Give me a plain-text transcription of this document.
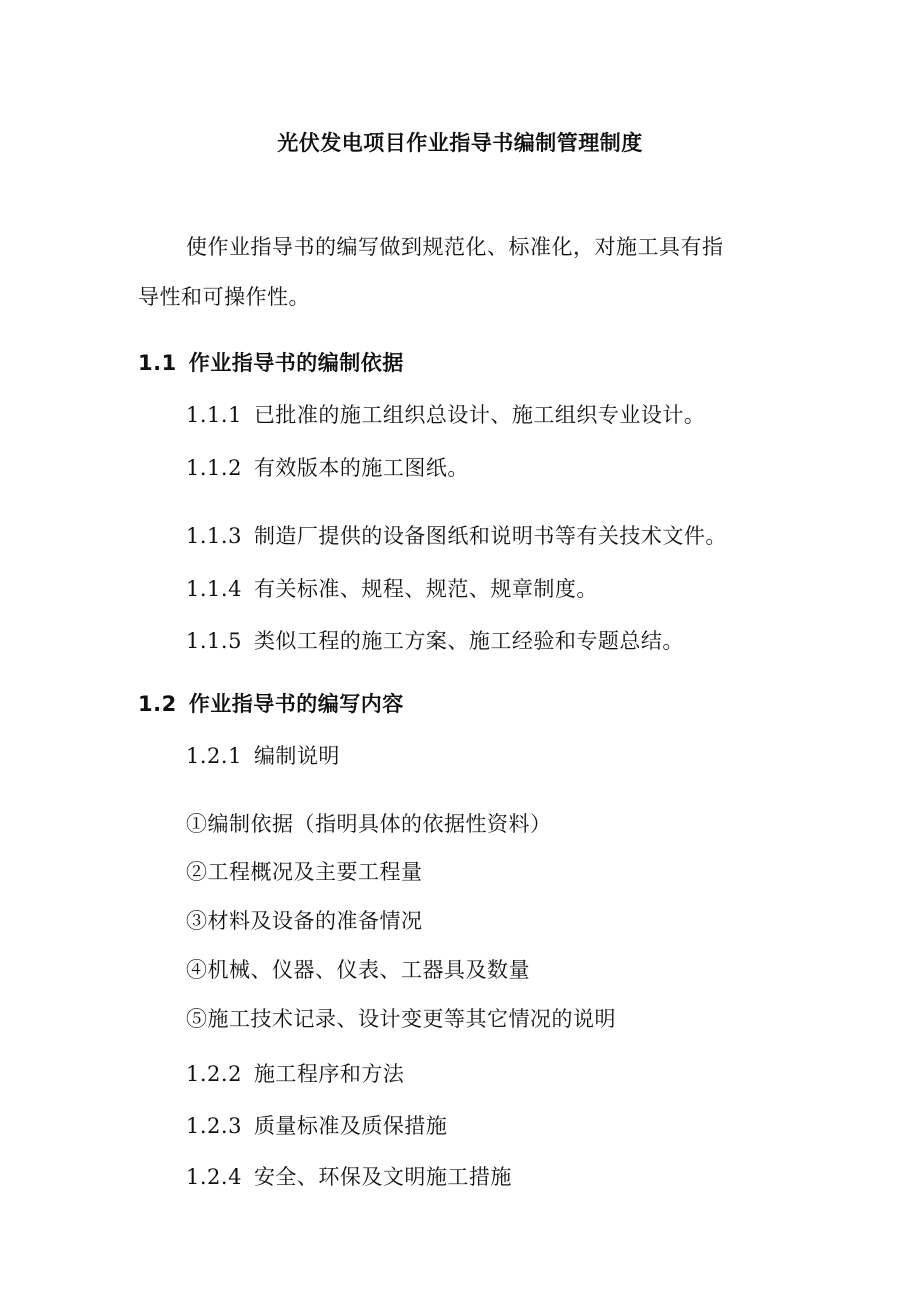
光伏发电项目作业指导书编制管理制度
使作业指导书的编写做到规范化、标准化，对施工具有指
导性和可操作性。
1.1 作业指导书的编制依据
1.1.1 已批准的施工组织总设计、施工组织专业设计。
1.1.2 有效版本的施工图纸。
1.1.3 制造厂提供的设备图纸和说明书等有关技术文件。
1.1.4 有关标准、规程、规范、规章制度。
1.1.5 类似工程的施工方案、施工经验和专题总结。
1.2 作业指导书的编写内容
1.2.1 编制说明
①编制依据（指明具体的依据性资料）
②工程概况及主要工程量
③材料及设备的准备情况
④机械、仪器、仪表、工器具及数量
⑤施工技术记录、设计变更等其它情况的说明
1.2.2 施工程序和方法
1.2.3 质量标准及质保措施
1.2.4 安全、环保及文明施工措施
